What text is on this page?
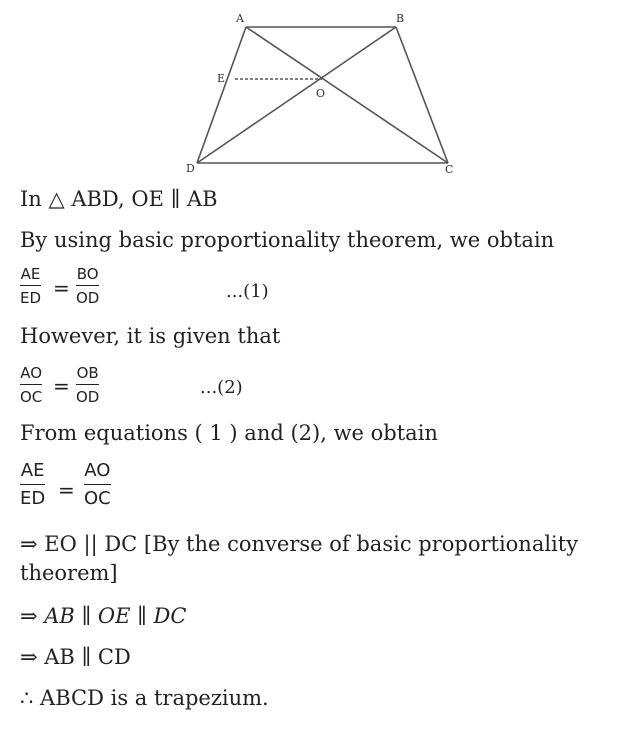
A	B
C
D
E
O
In △ ABD, OE ∥ AB
By using basic proportionality theorem, we obtain
AE
ED =
BO
OD	...(1)
However, it is given that
AO
OC =
OB
OD	...(2)
From equations ( 1 ) and (2), we obtain
AE
ED =
AO
OC
⇒ EO || DC [By the converse of basic proportionality
theorem]
⇒ AB ∥ OE ∥ DC
⇒ AB ∥ CD
∴ ABCD is a trapezium.
